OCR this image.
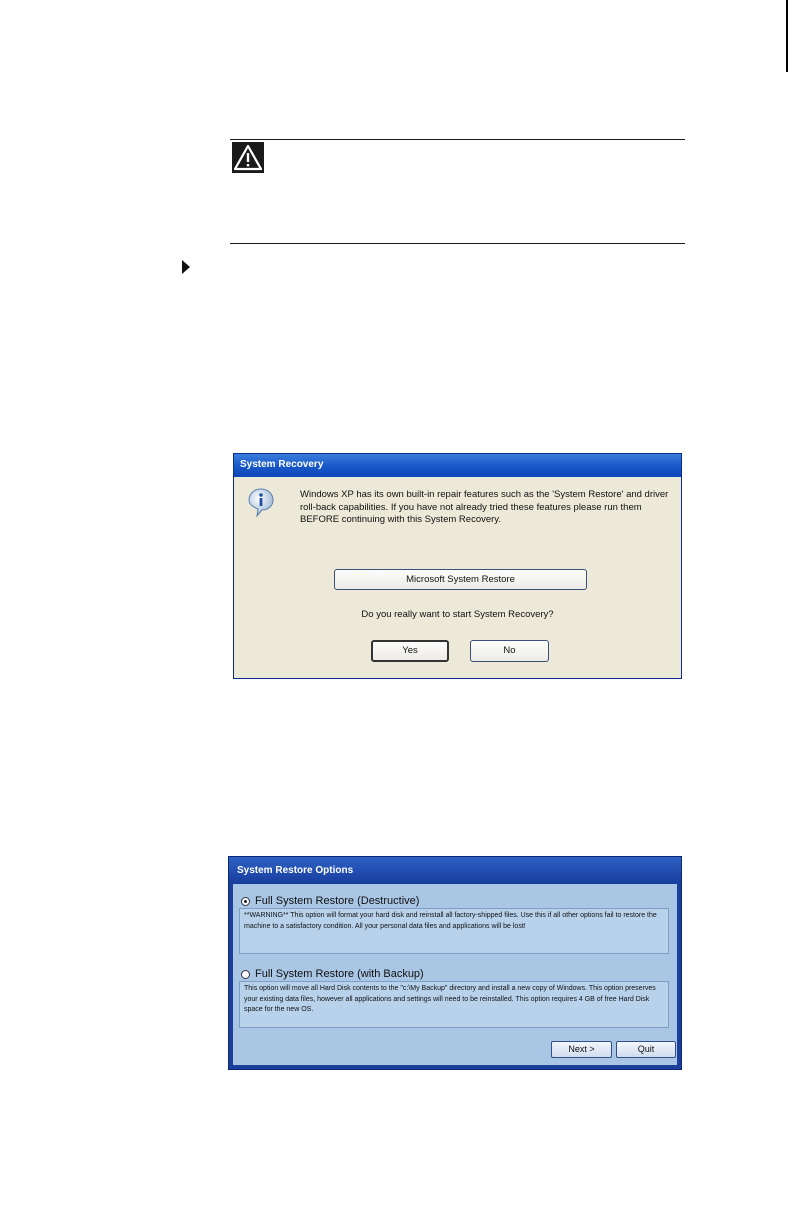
System Recovery
Windows XP has its own built-in repair features such as the 'System Restore' and driver roll-back capabilities. If you have not already tried these features please run them BEFORE continuing with this System Recovery.
Microsoft System Restore
Do you really want to start System Recovery?
Yes	No
System Restore Options
Full System Restore (Destructive)
**WARNING** This option will format your hard disk and reinstall all factory-shipped files. Use this if all other options fail to restore the machine to a satisfactory condition. All your personal data files and applications will be lost!
Full System Restore (with Backup)
This option will move all Hard Disk contents to the "c:\My Backup" directory and install a new copy of Windows. This option preserves your existing data files, however all applications and settings will need to be reinstalled. This option requires 4 GB of free Hard Disk space for the new OS.
Next >	Quit
